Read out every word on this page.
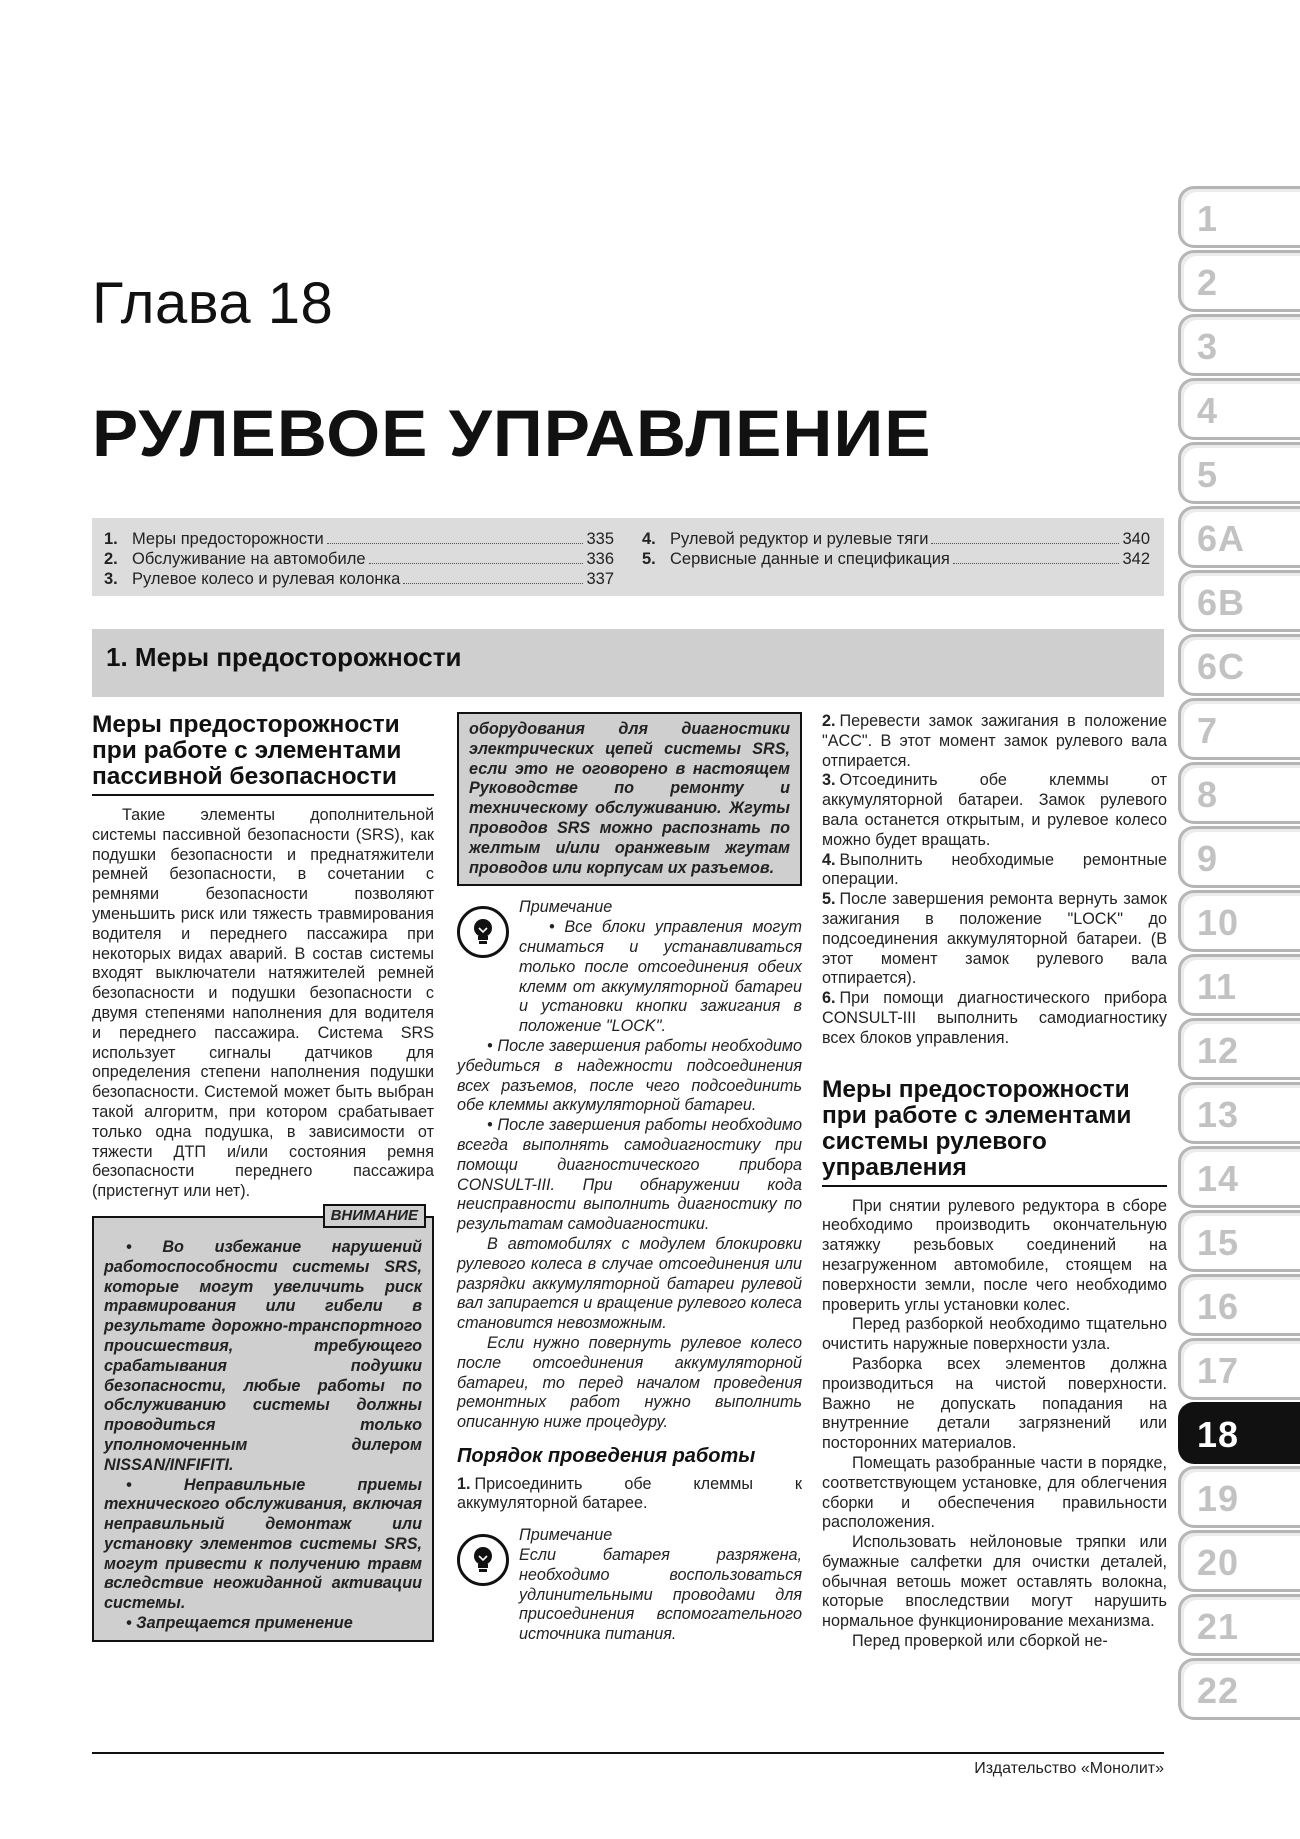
Глава 18
РУЛЕВОЕ УПРАВЛЕНИЕ
1. Меры предосторожности	335
2. Обслуживание на автомобиле	336
3. Рулевое колесо и рулевая колонка	337
4. Рулевой редуктор и рулевые тяги	340
5. Сервисные данные и спецификация	342
1. Меры предосторожности
Меры предосторожности при работе с элементами пассивной безопасности

Такие элементы дополнительной системы пассивной безопасности (SRS), как подушки безопасности и преднатяжители ремней безопасности, в сочетании с ремнями безопасности позволяют уменьшить риск или тяжесть травмирования водителя и переднего пассажира при некоторых видах аварий. В состав системы входят выключатели натяжителей ремней безопасности и подушки безопасности с двумя степенями наполнения для водителя и переднего пассажира. Система SRS использует сигналы датчиков для определения степени наполнения подушки безопасности. Системой может быть выбран такой алгоритм, при котором срабатывает только одна подушка, в зависимости от тяжести ДТП и/или состояния ремня безопасности переднего пассажира (пристегнут или нет).

ВНИМАНИЕ

• Во избежание нарушений работоспособности системы SRS, которые могут увеличить риск травмирования или гибели в результате дорожно-транспортного происшествия, требующего срабатывания подушки безопасности, любые работы по обслуживанию системы должны проводиться только уполномоченным дилером NISSAN/INFIFITI.

• Неправильные приемы технического обслуживания, включая неправильный демонтаж или установку элементов системы SRS, могут привести к получению травм вследствие неожиданной активации системы.

• Запрещается применение

оборудования для диагностики электрических цепей системы SRS, если это не оговорено в настоящем Руководстве по ремонту и техническому обслуживанию. Жгуты проводов SRS можно распознать по желтым и/или оранжевым жгутам проводов или корпусам их разъемов.
Примечание

• Все блоки управления могут сниматься и устанавливаться только после отсоединения обеих клемм от аккумуляторной батареи и установки кнопки зажигания в положение "LOCK".

• После завершения работы необходимо убедиться в надежности подсоединения всех разъемов, после чего подсоединить обе клеммы аккумуляторной батареи.

• После завершения работы необходимо всегда выполнять самодиагностику при помощи диагностического прибора CONSULT-III. При обнаружении кода неисправности выполнить диагностику по результатам самодиагностики.

В автомобилях с модулем блокировки рулевого колеса в случае отсоединения или разрядки аккумуляторной батареи рулевой вал запирается и вращение рулевого колеса становится невозможным.

Если нужно повернуть рулевое колесо после отсоединения аккумуляторной батареи, то перед началом проведения ремонтных работ нужно выполнить описанную ниже процедуру.

Порядок проведения работы

1. Присоединить обе клеммы к аккумуляторной батарее.

Примечание

Если батарея разряжена, необходимо воспользоваться удлинительными проводами для присоединения вспомогательного источника питания.

2. Перевести замок зажигания в положение "ACC". В этот момент замок рулевого вала отпирается.

3. Отсоединить обе клеммы от аккумуляторной батареи. Замок рулевого вала останется открытым, и рулевое колесо можно будет вращать.

4. Выполнить необходимые ремонтные операции.

5. После завершения ремонта вернуть замок зажигания в положение "LOCK" до подсоединения аккумуляторной батареи. (В этот момент замок рулевого вала отпирается).

6. При помощи диагностического прибора CONSULT-III выполнить самодиагностику всех блоков управления.

Меры предосторожности при работе с элементами системы рулевого управления

При снятии рулевого редуктора в сборе необходимо производить окончательную затяжку резьбовых соединений на незагруженном автомобиле, стоящем на поверхности земли, после чего необходимо проверить углы установки колес.

Перед разборкой необходимо тщательно очистить наружные поверхности узла.

Разборка всех элементов должна производиться на чистой поверхности. Важно не допускать попадания на внутренние детали загрязнений или посторонних материалов.

Помещать разобранные части в порядке, соответствующем установке, для облегчения сборки и обеспечения правильности расположения.

Использовать нейлоновые тряпки или бумажные салфетки для очистки деталей, обычная ветошь может оставлять волокна, которые впоследствии могут нарушить нормальное функционирование механизма.

Перед проверкой или сборкой не-

Издательство «Монолит»
1
2
3
4
5
6A
6B
6C
7
8
9
10
11
12
13
14
15
16
17
18
19
20
21
22
